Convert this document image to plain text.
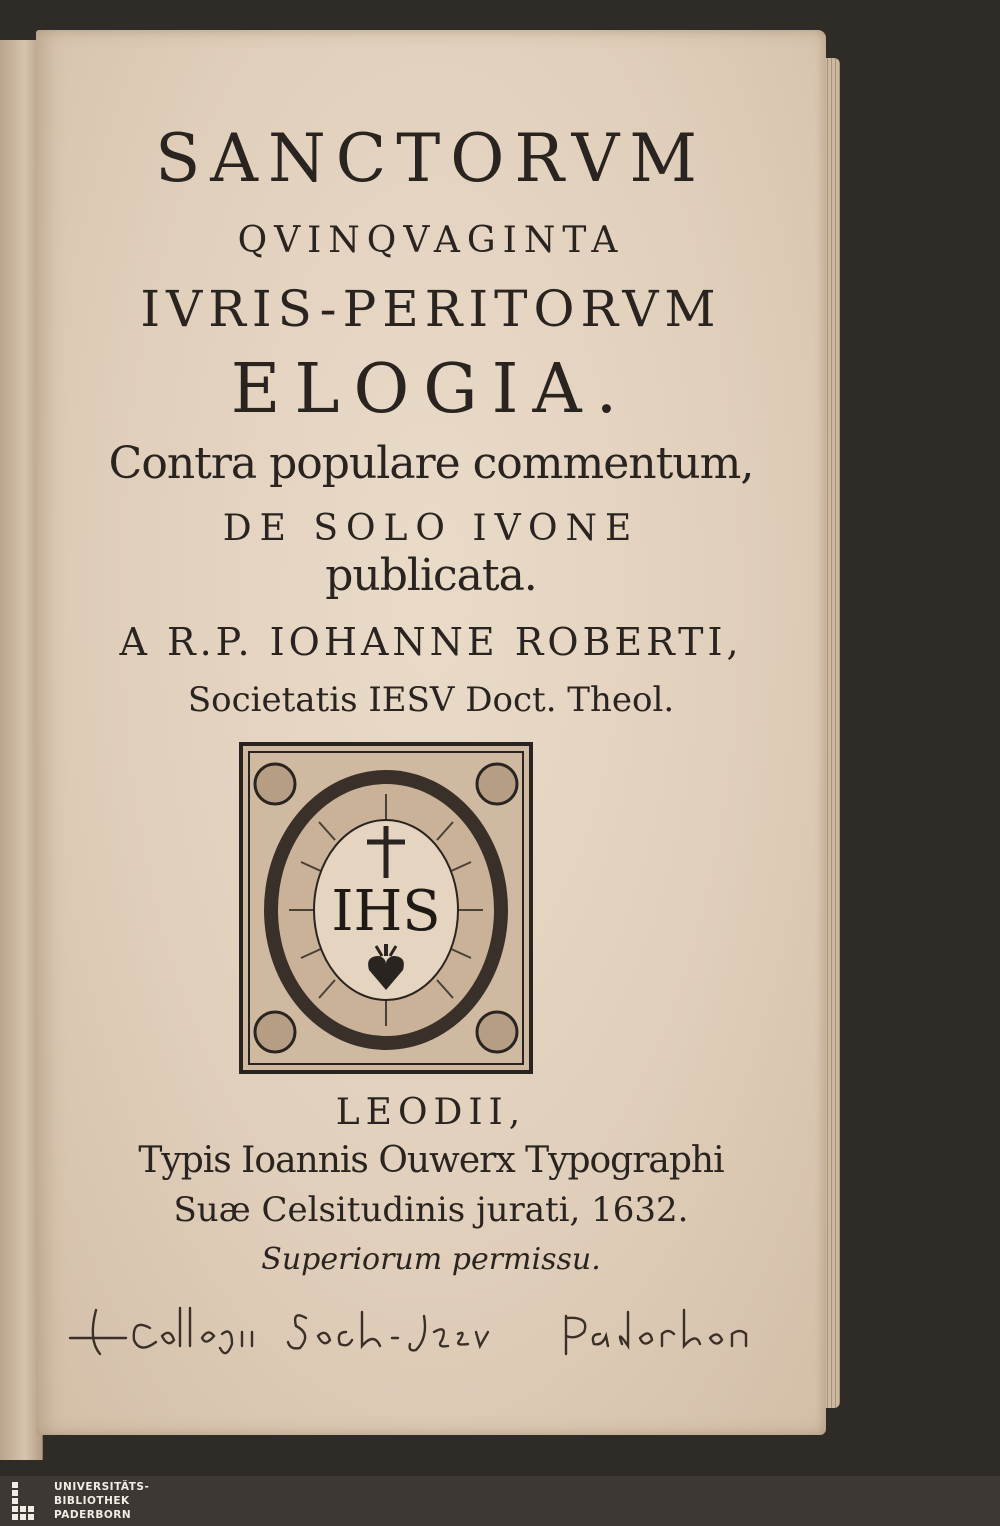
SANCTORVM
QVINQVAGINTA
IVRIS-PERITORVM
ELOGIA.
Contra populare commentum,
DE SOLO IVONE
publicata.
A R.P. IOHANNE ROBERTI,
Societatis IESV Doct. Theol.
IHS
LEODII,
Typis Ioannis Ouwerx Typographi
Suæ Celsitudinis jurati, 1632.
Superiorum permissu.
Collegii Soc. Jesu Paderborn
UNIVERSITÄTS-
BIBLIOTHEK
PADERBORN
